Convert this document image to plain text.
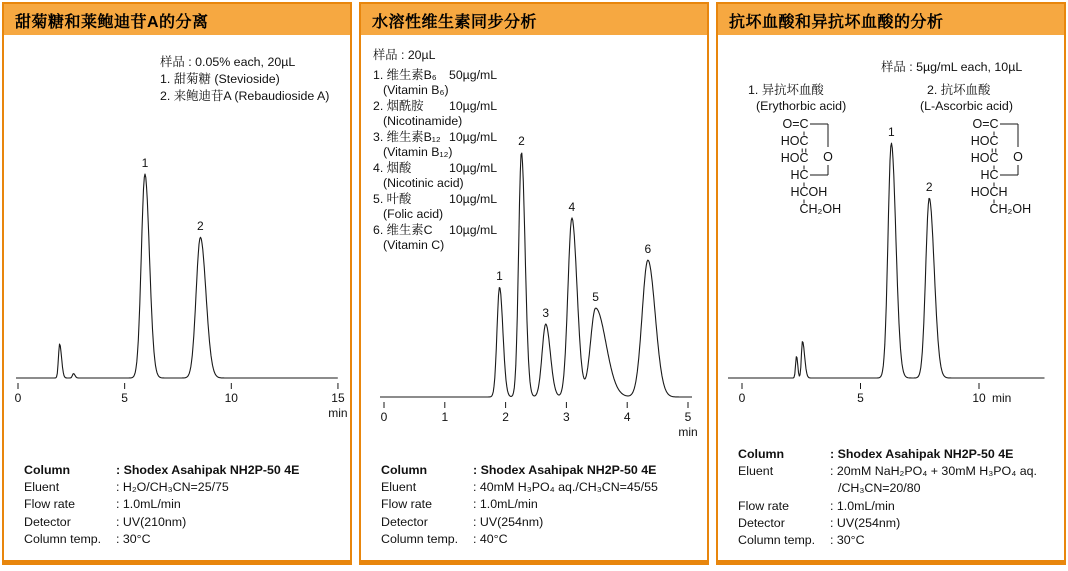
甜菊糖和莱鲍迪苷A的分离
样品 : 0.05% each, 20µL
1. 甜菊糖 (Stevioside)
2. 来鲍迪苷A (Rebaudioside A)
0	5	10	15
min
1
2
Column	: Shodex Asahipak NH2P-50 4E
Eluent	: H₂O/CH₃CN=25/75
Flow rate	: 1.0mL/min
Detector	: UV(210nm)
Column temp.	: 30°C
水溶性维生素同步分析
样品 : 20µL
1. 维生素B₆ 50µg/mL
(Vitamin B₆)
2. 烟酰胺	10µg/mL
(Nicotinamide)
3. 维生素B₁₂ 10µg/mL
(Vitamin B₁₂)
4. 烟酸	10µg/mL
(Nicotinic acid)
5. 叶酸	10µg/mL
(Folic acid)
6. 维生素C	10µg/mL
(Vitamin C)
0	1	2	3	4	5
min
1
2
3
4
5
6
Column	: Shodex Asahipak NH2P-50 4E
Eluent	: 40mM H₃PO₄ aq./CH₃CN=45/55
Flow rate	: 1.0mL/min
Detector	: UV(254nm)
Column temp.	: 40°C
抗坏血酸和异抗坏血酸的分析
样品 : 5µg/mL each, 10µL
1. 异抗坏血酸
(Erythorbic acid)
2. 抗坏血酸
(L-Ascorbic acid)
O= C
HO C
HO C
H C
H C OH
C H₂OH
O
O= C
HO C
HO C
H C
HO C H
C H₂OH
O
0	5	10 min
1
2
Column	: Shodex Asahipak NH2P-50 4E
Eluent	: 20mM NaH₂PO₄ + 30mM H₃PO₄ aq.
/CH₃CN=20/80
Flow rate	: 1.0mL/min
Detector	: UV(254nm)
Column temp.	: 30°C
